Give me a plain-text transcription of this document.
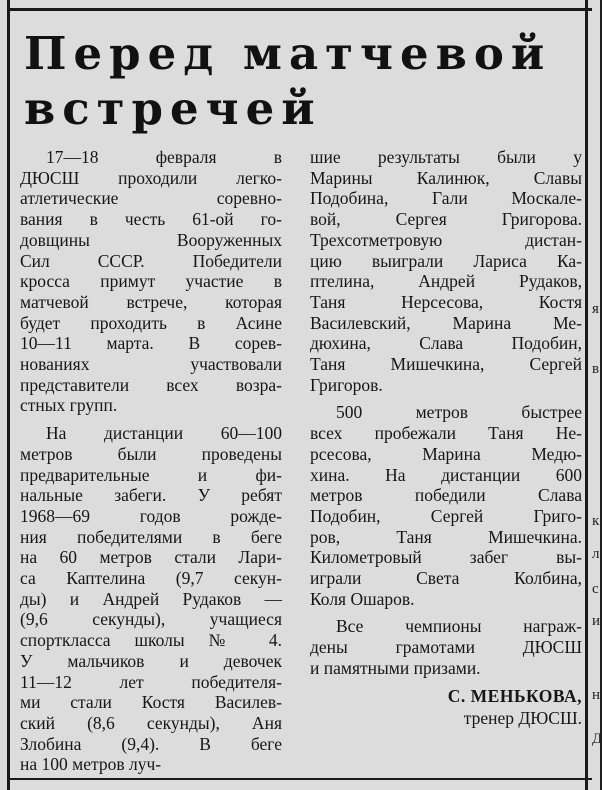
Перед матчевой
встречей

17—18 февраля в

ДЮСШ проходили легко-

атлетические соревно-

вания в честь 61-ой го-

довщины Вооруженных

Сил СССР. Победители

кросса примут участие в

матчевой встрече, которая

будет проходить в Асине

10—11 марта. В сорев-

нованиях участвовали

представители всех возра-

стных групп.

На дистанции 60—100

метров были проведены

предварительные и фи-

нальные забеги. У ребят

1968—69 годов рожде-

ния победителями в беге

на 60 метров стали Лари-

са Каптелина (9,7 секун-

ды) и Андрей Рудаков —

(9,6 секунды), учащиеся

спорткласса школы № 4.

У мальчиков и девочек

11—12 лет победителя-

ми стали Костя Василев-

ский (8,6 секунды), Аня

Злобина (9,4). В беге

на 100 метров луч-

шие результаты были у

Марины Калинюк, Славы

Подобина, Гали Москале-

вой, Сергея Григорова.

Трехсотметровую дистан-

цию выиграли Лариса Ка-

птелина, Андрей Рудаков,

Таня Нерсесова, Костя

Василевский, Марина Ме-

дюхина, Слава Подобин,

Таня Мишечкина, Сергей

Григоров.

500 метров быстрее

всех пробежали Таня Не-

рсесова, Марина Медю-

хина. На дистанции 600

метров победили Слава

Подобин, Сергей Григо-

ров, Таня Мишечкина.

Километровый забег вы-

играли Света Колбина,

Коля Ошаров.

Все чемпионы награж-

дены грамотами ДЮСШ

и памятными призами.

С. МЕНЬКОВА,
тренер ДЮСШ.
я
в
к
л
с
и
н
Д
